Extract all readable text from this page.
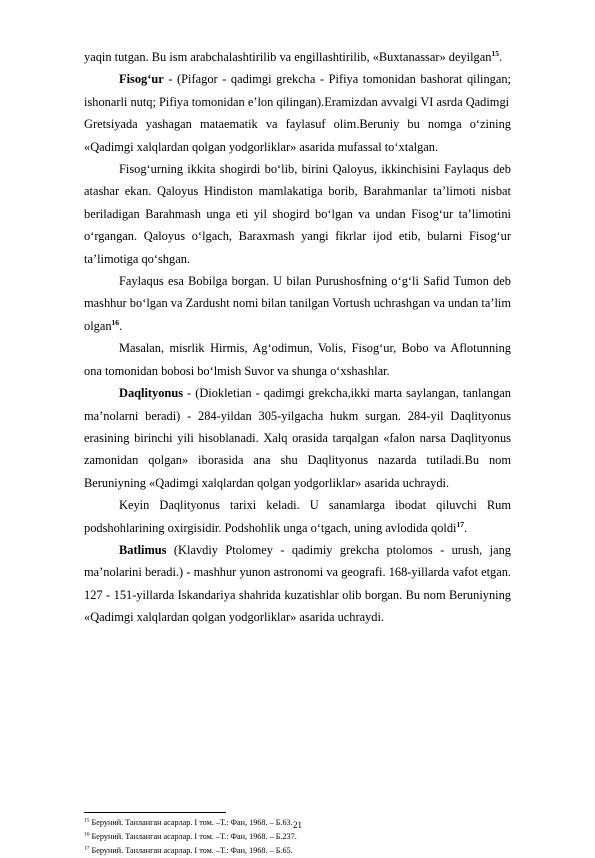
yaqin tutgan. Bu ism arabchalashtirilib va engillashtirilib, «Buxtanassar» deyilgan$^{15}$.

Fisog‘ur - (Pifagor - qadimgi grekcha - Pifiya tomonidan bashorat qilingan; ishonarli nutq; Pifiya tomonidan e’lon qilingan).Eramizdan avvalgi VI asrda Qadimgi

Gretsiyada yashagan mataematik va faylasuf olim.Beruniy bu nomga o‘zining «Qadimgi xalqlardan qolgan yodgorliklar» asarida mufassal to‘xtalgan.

Fisog‘urning ikkita shogirdi bo‘lib, birini Qaloyus, ikkinchisini Faylaqus deb atashar ekan. Qaloyus Hindiston mamlakatiga borib, Barahmanlar ta’limoti nisbat beriladigan Barahmash unga eti yil shogird bo‘lgan va undan Fisog‘ur ta’limotini o‘rgangan. Qaloyus o‘lgach, Baraxmash yangi fikrlar ijod etib, bularni Fisog‘ur ta’limotiga qo‘shgan.

Faylaqus esa Bobilga borgan. U bilan Purushosfning o‘g‘li Safid Tumon deb mashhur bo‘lgan va Zardusht nomi bilan tanilgan Vortush uchrashgan va undan ta’lim olgan$^{16}$.

Masalan, misrlik Hirmis, Ag‘odimun, Volis, Fisog‘ur, Bobo va Aflotunning ona tomonidan bobosi bo‘lmish Suvor va shunga o‘xshashlar.

Daqlityonus - (Diokletian - qadimgi grekcha,ikki marta saylangan, tanlangan ma’nolarni beradi) - 284-yildan 305-yilgacha hukm surgan. 284-yil Daqlityonus erasining birinchi yili hisoblanadi. Xalq orasida tarqalgan «falon narsa Daqlityonus zamonidan qolgan» iborasida ana shu Daqlityonus nazarda tutiladi.Bu nom Beruniyning «Qadimgi xalqlardan qolgan yodgorliklar» asarida uchraydi.

Keyin Daqlityonus tarixi keladi. U sanamlarga ibodat qiluvchi Rum podshohlarining oxirgisidir. Podshohlik unga o‘tgach, uning avlodida qoldi$^{17}$.

Batlimus (Klavdiy Ptolomey - qadimiy grekcha ptolomos - urush, jang ma’nolarini beradi.) - mashhur yunon astronomi va geografi. 168-yillarda vafot etgan. 127 - 151-yillarda Iskandariya shahrida kuzatishlar olib borgan. Bu nom Beruniyning «Qadimgi xalqlardan qolgan yodgorliklar» asarida uchraydi.

$^{15}$ Беруний. Танланган асарлар. I том. –Т.: Фан, 1968. – Б.63.
$^{16}$ Беруний. Танланган асарлар. I том. –Т.: Фан, 1968. – Б.237.
$^{17}$ Беруний. Танланган асарлар. I том. –Т.: Фан, 1968. – Б.65.
21
